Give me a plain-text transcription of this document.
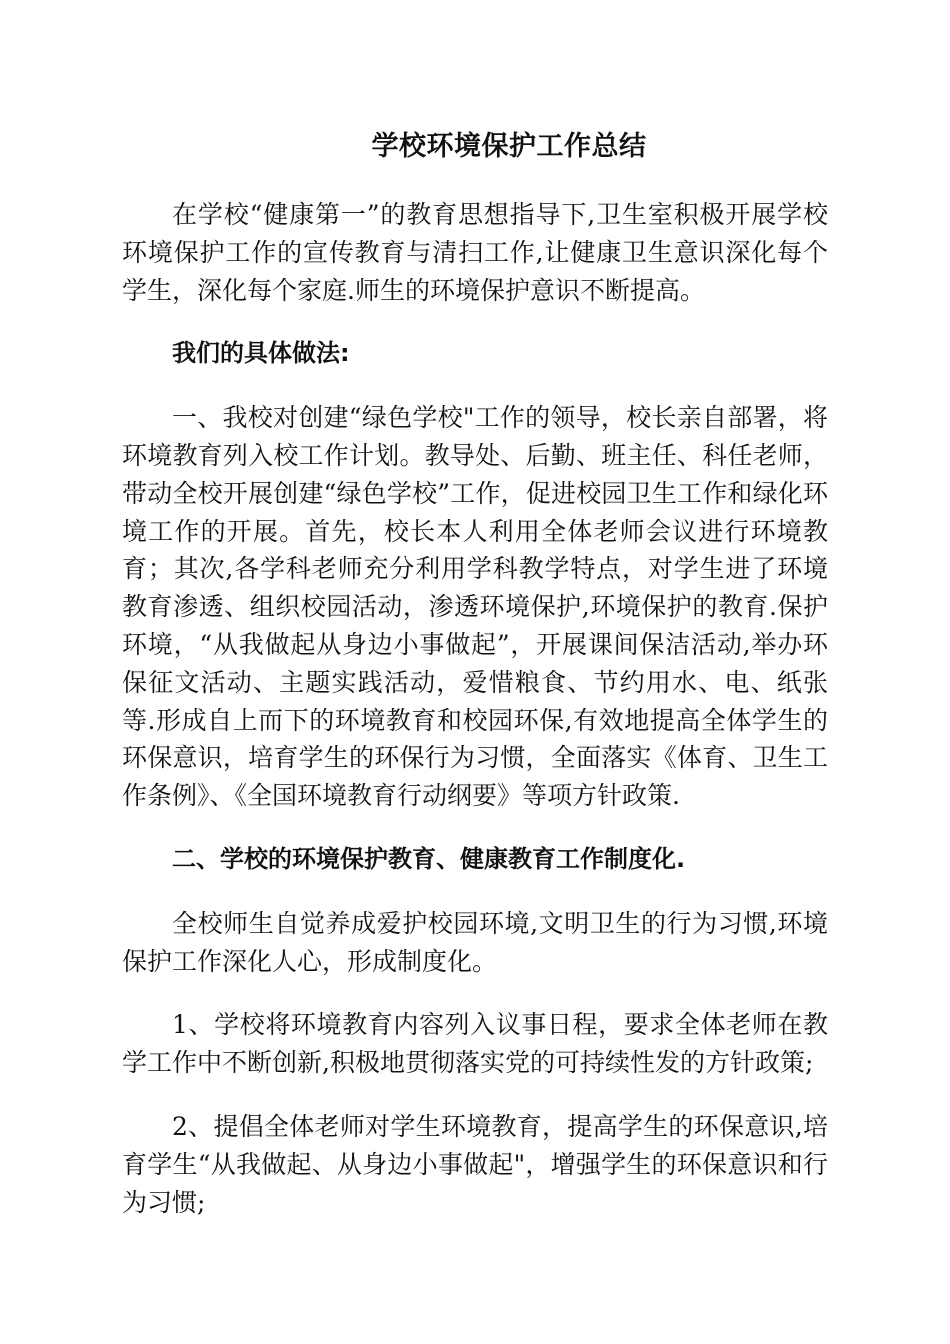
学校环境保护工作总结

在学校“健康第一”的教育思想指导下,卫生室积极开展学校环境保护工作的宣传教育与清扫工作,让健康卫生意识深化每个学生，深化每个家庭.师生的环境保护意识不断提高。

我们的具体做法:

一、我校对创建“绿色学校"工作的领导，校长亲自部署，将环境教育列入校工作计划。教导处、后勤、班主任、科任老师，带动全校开展创建“绿色学校”工作，促进校园卫生工作和绿化环境工作的开展。首先，校长本人利用全体老师会议进行环境教育；其次,各学科老师充分利用学科教学特点，对学生进了环境教育渗透、组织校园活动，渗透环境保护,环境保护的教育.保护环境，“从我做起从身边小事做起”，开展课间保洁活动,举办环保征文活动、主题实践活动，爱惜粮食、节约用水、电、纸张等.形成自上而下的环境教育和校园环保,有效地提高全体学生的环保意识，培育学生的环保行为习惯，全面落实《体育、卫生工作条例》、《全国环境教育行动纲要》等项方针政策.

二、学校的环境保护教育、健康教育工作制度化.

全校师生自觉养成爱护校园环境,文明卫生的行为习惯,环境保护工作深化人心，形成制度化。

1、学校将环境教育内容列入议事日程，要求全体老师在教学工作中不断创新,积极地贯彻落实党的可持续性发的方针政策;

2、提倡全体老师对学生环境教育，提高学生的环保意识,培育学生“从我做起、从身边小事做起"，增强学生的环保意识和行为习惯;
